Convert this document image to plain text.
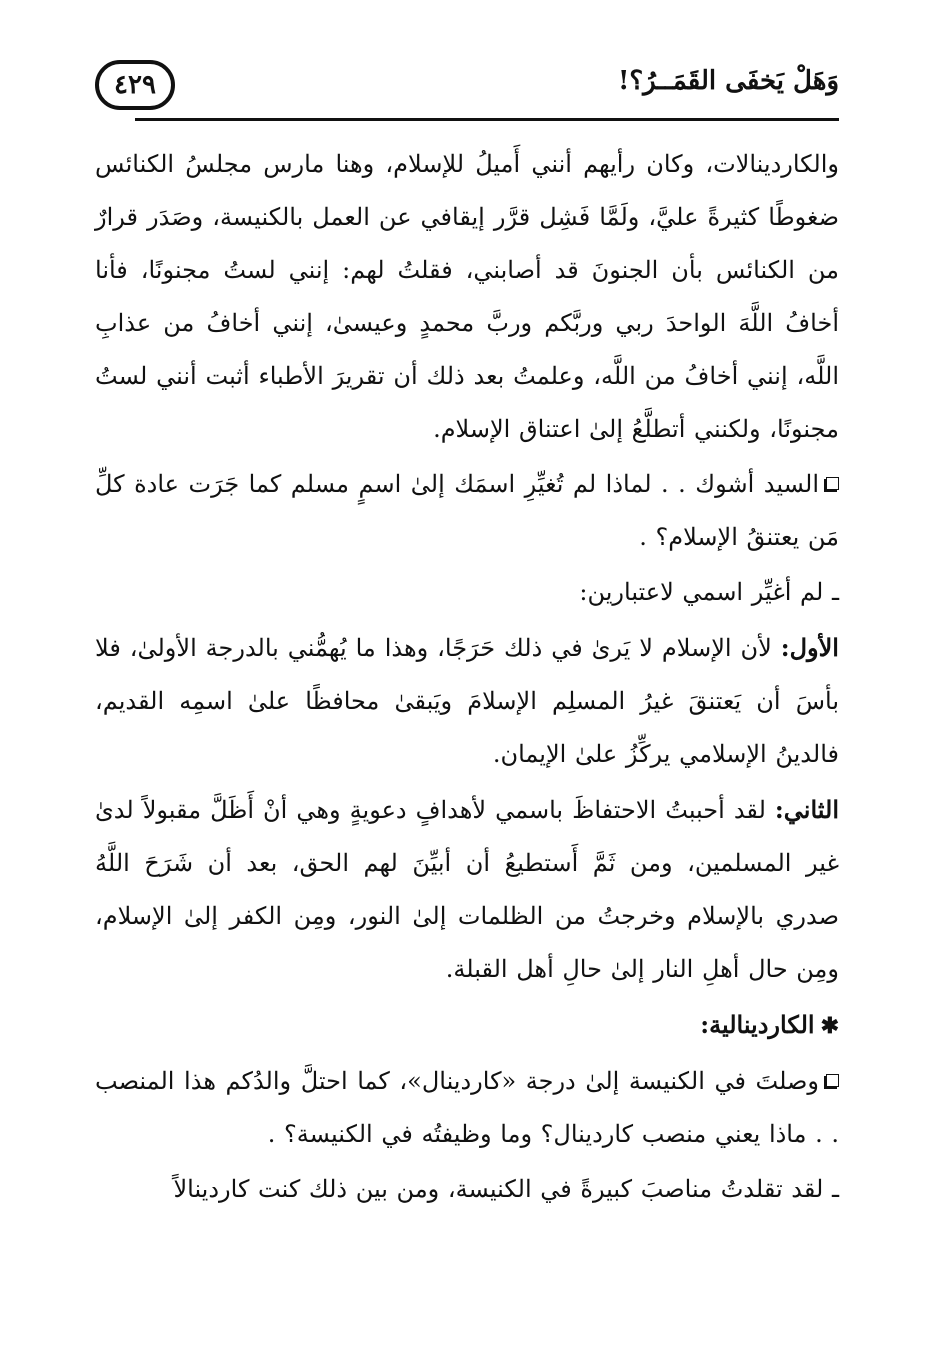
٤٢٩	وَهَلْ يَخفَى القَمَــرُ؟!

والكاردينالات، وكان رأيهم أنني أَميلُ للإسلام، وهنا مارس مجلسُ الكنائس ضغوطًا كثيرةً عليَّ، ولَمَّا فَشِل قرَّر إيقافي عن العمل بالكنيسة، وصَدَر قرارٌ من الكنائس بأن الجنونَ قد أصابني، فقلتُ لهم: إنني لستُ مجنونًا، فأنا أخافُ اللَّهَ الواحدَ ربي وربَّكم وربَّ محمدٍ وعيسىٰ، إنني أخافُ من عذابِ اللَّه، إنني أخافُ من اللَّه، وعلمتُ بعد ذلك أن تقريرَ الأطباء أثبت أنني لستُ مجنونًا، ولكنني أتطلَّعُ إلىٰ اعتناق الإسلام.

السيد أشوك . . لماذا لم تُغيِّرِ اسمَك إلىٰ اسمٍ مسلم كما جَرَت عادة كلِّ مَن يعتنقُ الإسلام؟ .

ـ لم أغيِّر اسمي لاعتبارين:

الأول: لأن الإسلام لا يَرىٰ في ذلك حَرَجًا، وهذا ما يُهمُّني بالدرجة الأولىٰ، فلا بأسَ أن يَعتنقَ غيرُ المسلِم الإسلامَ ويَبقىٰ محافظًا علىٰ اسمِه القديم، فالدينُ الإسلامي يركِّزُ علىٰ الإيمان.

الثاني: لقد أحببتُ الاحتفاظَ باسمي لأهدافٍ دعويةٍ وهي أنْ أَظَلَّ مقبولاً لدىٰ غير المسلمين، ومن ثَمَّ أَستطيعُ أن أبيِّنَ لهم الحق، بعد أن شَرَحَ اللَّهُ صدري بالإسلام وخرجتُ من الظلمات إلىٰ النور، ومِن الكفر إلىٰ الإسلام، ومِن حال أهلِ النار إلىٰ حالِ أهل القبلة.

✱الكاردينالية:

وصلتَ في الكنيسة إلىٰ درجة «كاردينال»، كما احتلَّ والدُكم هذا المنصب . . ماذا يعني منصب كاردينال؟ وما وظيفتُه في الكنيسة؟ .

ـ لقد تقلدتُ مناصبَ كبيرةً في الكنيسة، ومن بين ذلك كنت كاردينالاً
